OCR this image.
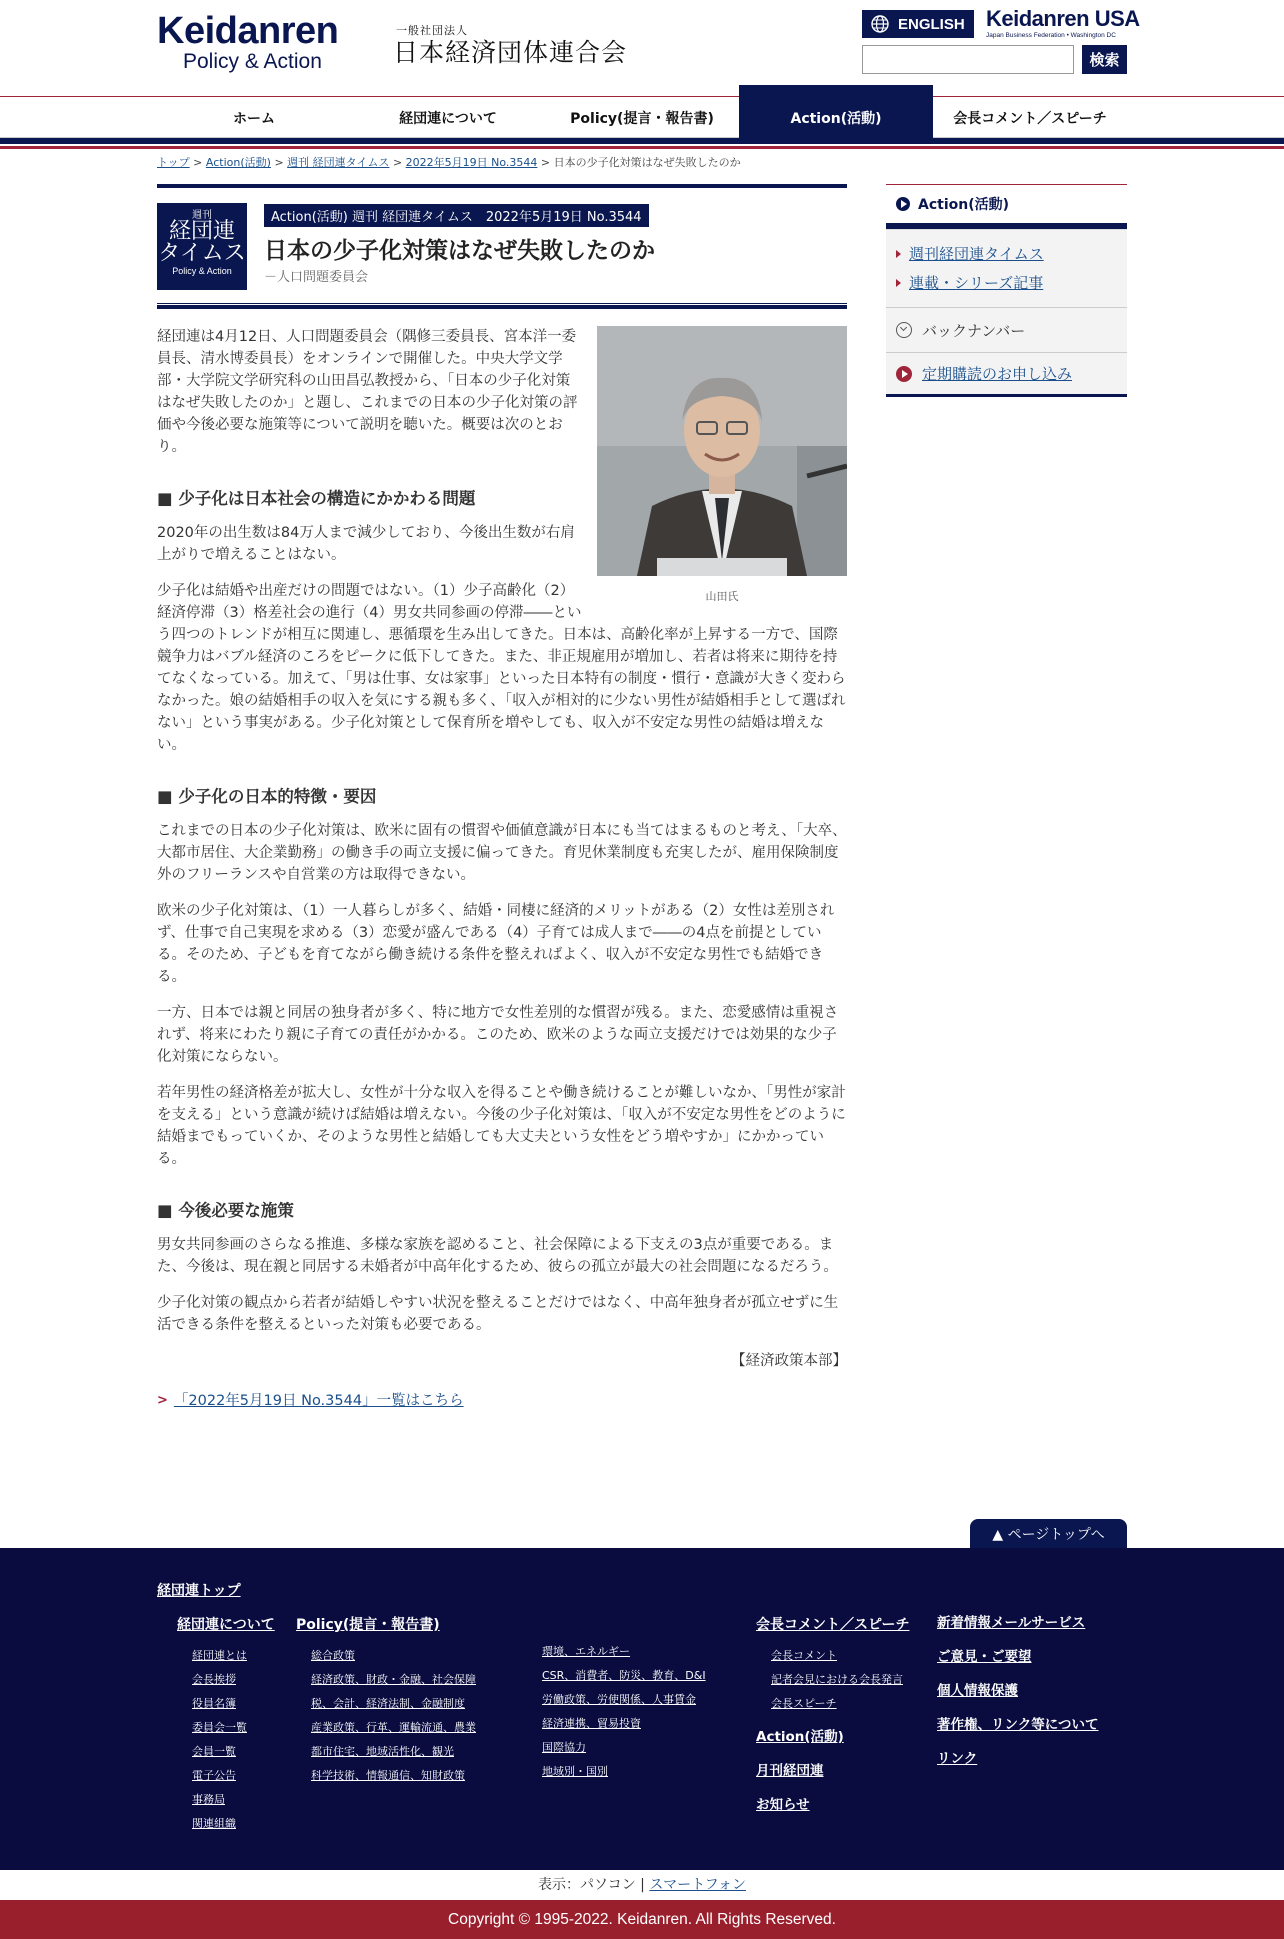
Keidanren
Policy & Action
一般社団法人
日本経済団体連合会
ENGLISH Keidanren USA
Japan Business Federation • Washington DC
検索
ホーム	経団連について	Policy(提言・報告書)	Action(活動)	会長コメント／スピーチ
トップ > Action(活動) > 週刊 経団連タイムス > 2022年5月19日 No.3544 > 日本の少子化対策はなぜ失敗したのか
週刊
経団連
タイムス
Policy & Action
Action(活動) 週刊 経団連タイムス　2022年5月19日 No.3544
日本の少子化対策はなぜ失敗したのか
－人口問題委員会
山田氏

経団連は4月12日、人口問題委員会（隅修三委員長、宮本洋一委員長、清水博委員長）をオンラインで開催した。中央大学文学部・大学院文学研究科の山田昌弘教授から、「日本の少子化対策はなぜ失敗したのか」と題し、これまでの日本の少子化対策の評価や今後必要な施策等について説明を聴いた。概要は次のとおり。

■ 少子化は日本社会の構造にかかわる問題

2020年の出生数は84万人まで減少しており、今後出生数が右肩上がりで増えることはない。

少子化は結婚や出産だけの問題ではない。（1）少子高齢化（2）経済停滞（3）格差社会の進行（4）男女共同参画の停滞――という四つのトレンドが相互に関連し、悪循環を生み出してきた。日本は、高齢化率が上昇する一方で、国際競争力はバブル経済のころをピークに低下してきた。また、非正規雇用が増加し、若者は将来に期待を持てなくなっている。加えて、「男は仕事、女は家事」といった日本特有の制度・慣行・意識が大きく変わらなかった。娘の結婚相手の収入を気にする親も多く、「収入が相対的に少ない男性が結婚相手として選ばれない」という事実がある。少子化対策として保育所を増やしても、収入が不安定な男性の結婚は増えない。

■ 少子化の日本的特徴・要因

これまでの日本の少子化対策は、欧米に固有の慣習や価値意識が日本にも当てはまるものと考え、「大卒、大都市居住、大企業勤務」の働き手の両立支援に偏ってきた。育児休業制度も充実したが、雇用保険制度外のフリーランスや自営業の方は取得できない。

欧米の少子化対策は、（1）一人暮らしが多く、結婚・同棲に経済的メリットがある（2）女性は差別されず、仕事で自己実現を求める（3）恋愛が盛んである（4）子育ては成人まで――の4点を前提としている。そのため、子どもを育てながら働き続ける条件を整えればよく、収入が不安定な男性でも結婚できる。

一方、日本では親と同居の独身者が多く、特に地方で女性差別的な慣習が残る。また、恋愛感情は重視されず、将来にわたり親に子育ての責任がかかる。このため、欧米のような両立支援だけでは効果的な少子化対策にならない。

若年男性の経済格差が拡大し、女性が十分な収入を得ることや働き続けることが難しいなか、「男性が家計を支える」という意識が続けば結婚は増えない。今後の少子化対策は、「収入が不安定な男性をどのように結婚までもっていくか、そのような男性と結婚しても大丈夫という女性をどう増やすか」にかかっている。

■ 今後必要な施策

男女共同参画のさらなる推進、多様な家族を認めること、社会保障による下支えの3点が重要である。また、今後は、現在親と同居する未婚者が中高年化するため、彼らの孤立が最大の社会問題になるだろう。

少子化対策の観点から若者が結婚しやすい状況を整えることだけではなく、中高年独身者が孤立せずに生活できる条件を整えるといった対策も必要である。

【経済政策本部】

> 「2022年5月19日 No.3544」一覧はこちら
Action(活動)
週刊経団連タイムス
連載・シリーズ記事
バックナンバー
定期購読のお申し込み
▲ ページトップへ
経団連トップ
経団連について
経団連とは
会長挨拶
役員名簿
委員会一覧
会員一覧
電子公告
事務局
関連組織
Policy(提言・報告書)
総合政策
経済政策、財政・金融、社会保障
税、会計、経済法制、金融制度
産業政策、行革、運輸流通、農業
都市住宅、地域活性化、観光
科学技術、情報通信、知財政策
環境、エネルギー
CSR、消費者、防災、教育、D&I
労働政策、労使関係、人事賃金
経済連携、貿易投資
国際協力
地域別・国別
会長コメント／スピーチ
会長コメント
記者会見における会長発言
会長スピーチ
Action(活動)
月刊経団連
お知らせ
新着情報メールサービス
ご意見・ご要望
個人情報保護
著作権、リンク等について
リンク
表示：パソコン | スマートフォン
Copyright © 1995-2022. Keidanren. All Rights Reserved.
